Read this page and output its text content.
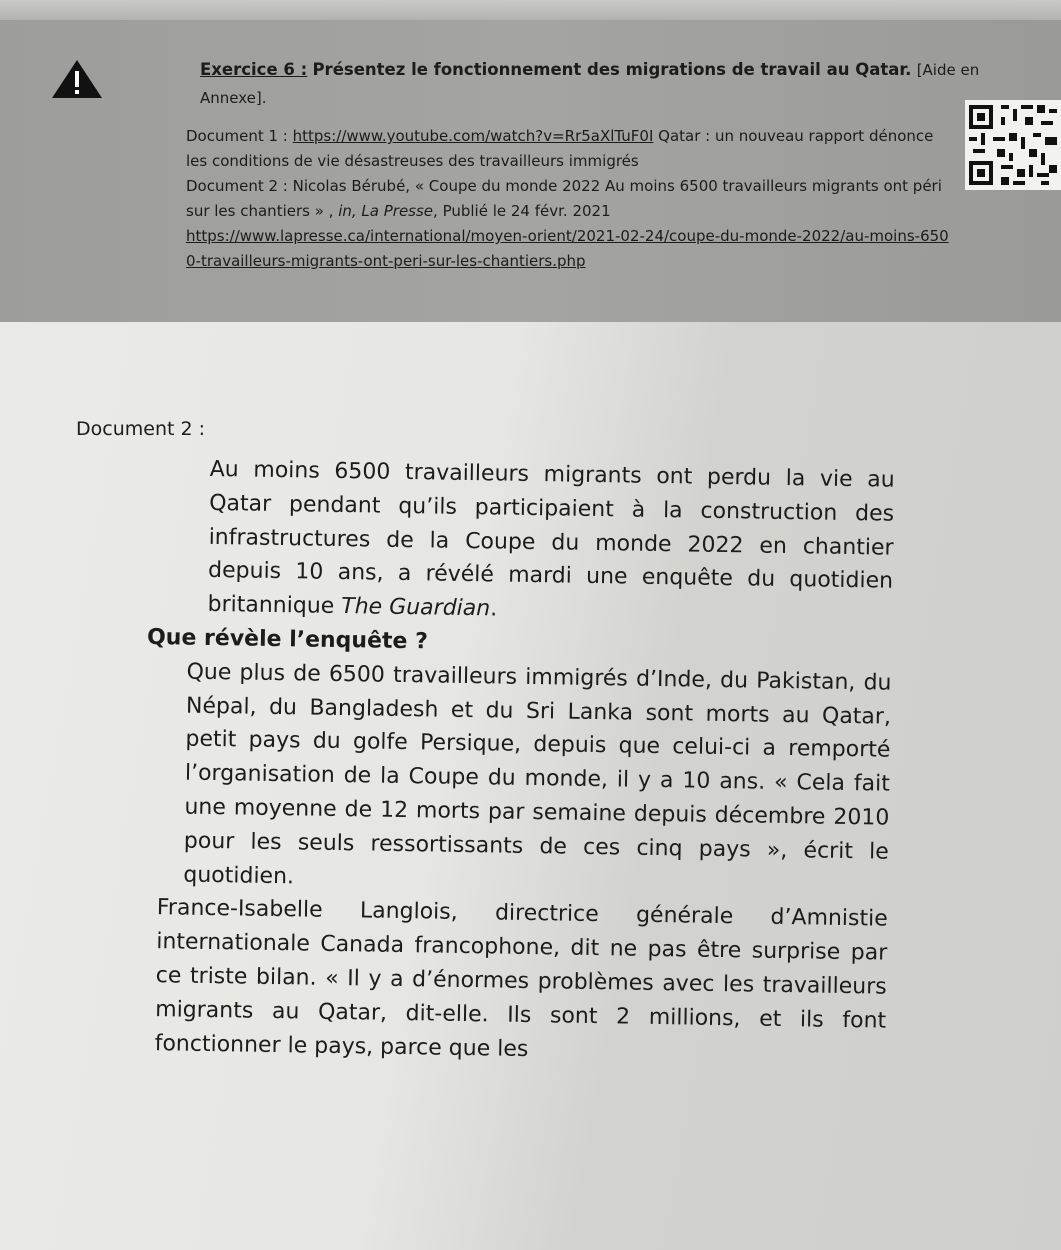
Exercice 6 : Présentez le fonctionnement des migrations de travail au Qatar. [Aide en Annexe].

Document 1 : https://www.youtube.com/watch?v=Rr5aXlTuF0I Qatar : un nouveau rapport dénonce les conditions de vie désastreuses des travailleurs immigrés

Document 2 : Nicolas Bérubé, « Coupe du monde 2022 Au moins 6500 travailleurs migrants ont péri sur les chantiers » , in, La Presse, Publié le 24 févr. 2021

https://www.lapresse.ca/international/moyen-orient/2021-02-24/coupe-du-monde-2022/au-moins-6500-travailleurs-migrants-ont-peri-sur-les-chantiers.php

Document 2 :

Au moins 6500 travailleurs migrants ont perdu la vie au Qatar pendant qu’ils participaient à la construction des infrastructures de la Coupe du monde 2022 en chantier depuis 10 ans, a révélé mardi une enquête du quotidien britannique The Guardian.

Que révèle l’enquête ?

Que plus de 6500 travailleurs immigrés d’Inde, du Pakistan, du Népal, du Bangladesh et du Sri Lanka sont morts au Qatar, petit pays du golfe Persique, depuis que celui-ci a remporté l’organisation de la Coupe du monde, il y a 10 ans. « Cela fait une moyenne de 12 morts par semaine depuis décembre 2010 pour les seuls ressortissants de ces cinq pays », écrit le quotidien.

France-Isabelle Langlois, directrice générale d’Amnistie internationale Canada francophone, dit ne pas être surprise par ce triste bilan. « Il y a d’énormes problèmes avec les travailleurs migrants au Qatar, dit-elle. Ils sont 2 millions, et ils font fonctionner le pays, parce que les
